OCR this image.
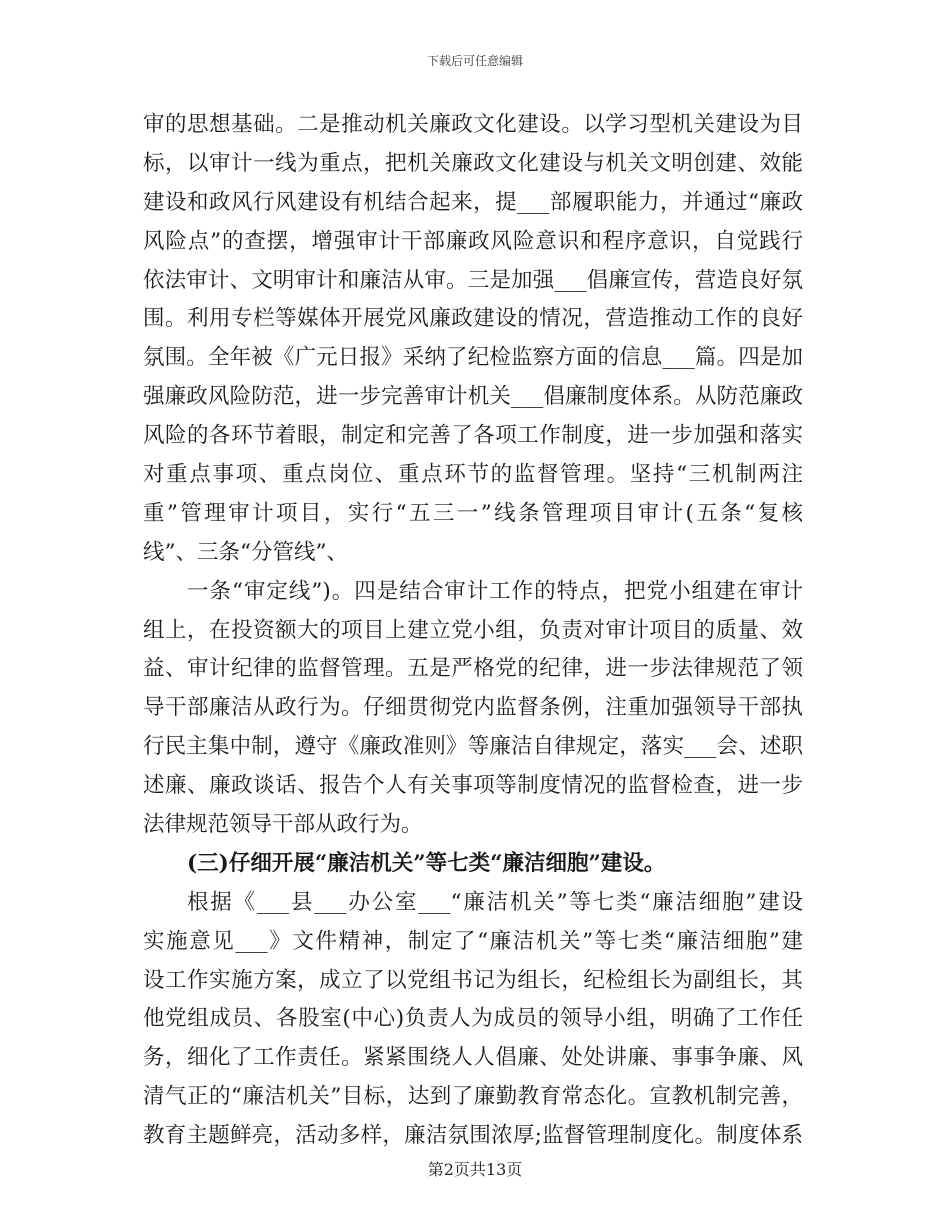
下载后可任意编辑
审的思想基础。二是推动机关廉政文化建设。以学习型机关建设为目
标，以审计一线为重点，把机关廉政文化建设与机关文明创建、效能
建设和政风行风建设有机结合起来，提___部履职能力，并通过“廉政
风险点”的查摆，增强审计干部廉政风险意识和程序意识，自觉践行
依法审计、文明审计和廉洁从审。三是加强___倡廉宣传，营造良好氛
围。利用专栏等媒体开展党风廉政建设的情况，营造推动工作的良好
氛围。全年被《广元日报》采纳了纪检监察方面的信息___篇。四是加
强廉政风险防范，进一步完善审计机关___倡廉制度体系。从防范廉政
风险的各环节着眼，制定和完善了各项工作制度，进一步加强和落实
对重点事项、重点岗位、重点环节的监督管理。坚持“三机制两注
重”管理审计项目，实行“五三一”线条管理项目审计(五条“复核
线”、三条“分管线”、
一条“审定线”)。四是结合审计工作的特点，把党小组建在审计
组上，在投资额大的项目上建立党小组，负责对审计项目的质量、效
益、审计纪律的监督管理。五是严格党的纪律，进一步法律规范了领
导干部廉洁从政行为。仔细贯彻党内监督条例，注重加强领导干部执
行民主集中制，遵守《廉政准则》等廉洁自律规定，落实___会、述职
述廉、廉政谈话、报告个人有关事项等制度情况的监督检查，进一步
法律规范领导干部从政行为。
(三)仔细开展“廉洁机关”等七类“廉洁细胞”建设。
根据《___县___办公室___“廉洁机关”等七类“廉洁细胞”建设
实施意见___》文件精神，制定了“廉洁机关”等七类“廉洁细胞”建
设工作实施方案，成立了以党组书记为组长，纪检组长为副组长，其
他党组成员、各股室(中心)负责人为成员的领导小组，明确了工作任
务，细化了工作责任。紧紧围绕人人倡廉、处处讲廉、事事争廉、风
清气正的“廉洁机关”目标，达到了廉勤教育常态化。宣教机制完善，
教育主题鲜亮，活动多样，廉洁氛围浓厚;监督管理制度化。制度体系
第2页共13页
